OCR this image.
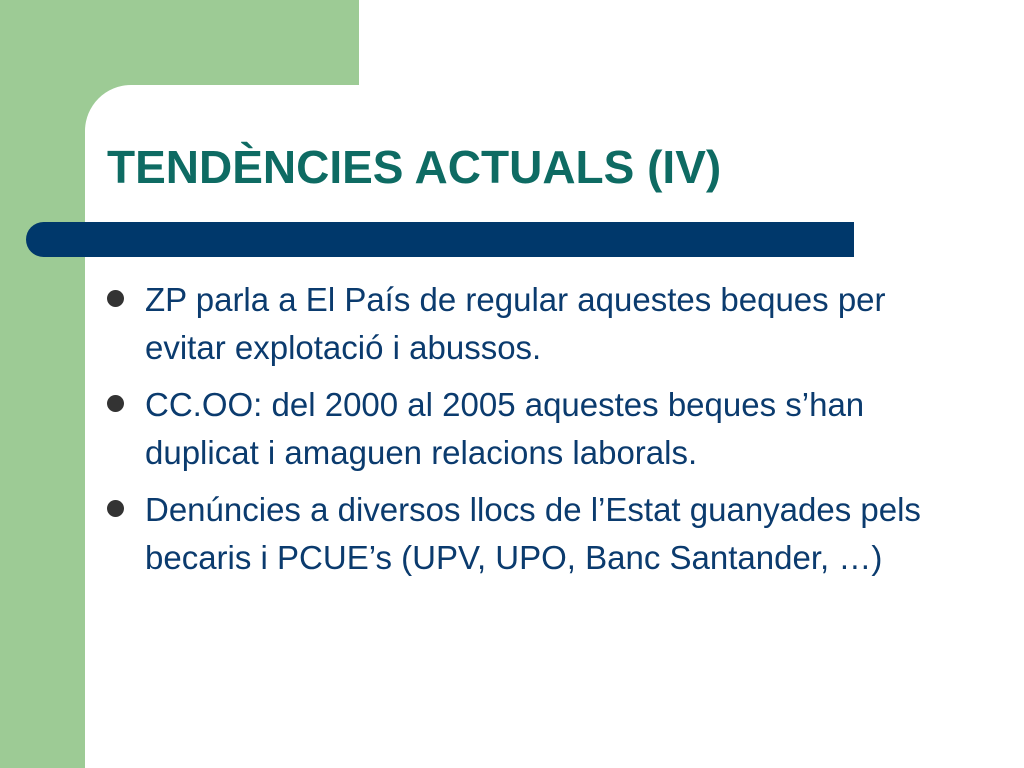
TENDÈNCIES ACTUALS (IV)
ZP parla a El País de regular aquestes beques per evitar explotació i abussos.
CC.OO: del 2000 al 2005 aquestes beques s’han duplicat i amaguen relacions laborals.
Denúncies a diversos llocs de l’Estat guanyades pels becaris i PCUE’s (UPV, UPO, Banc Santander, …)
